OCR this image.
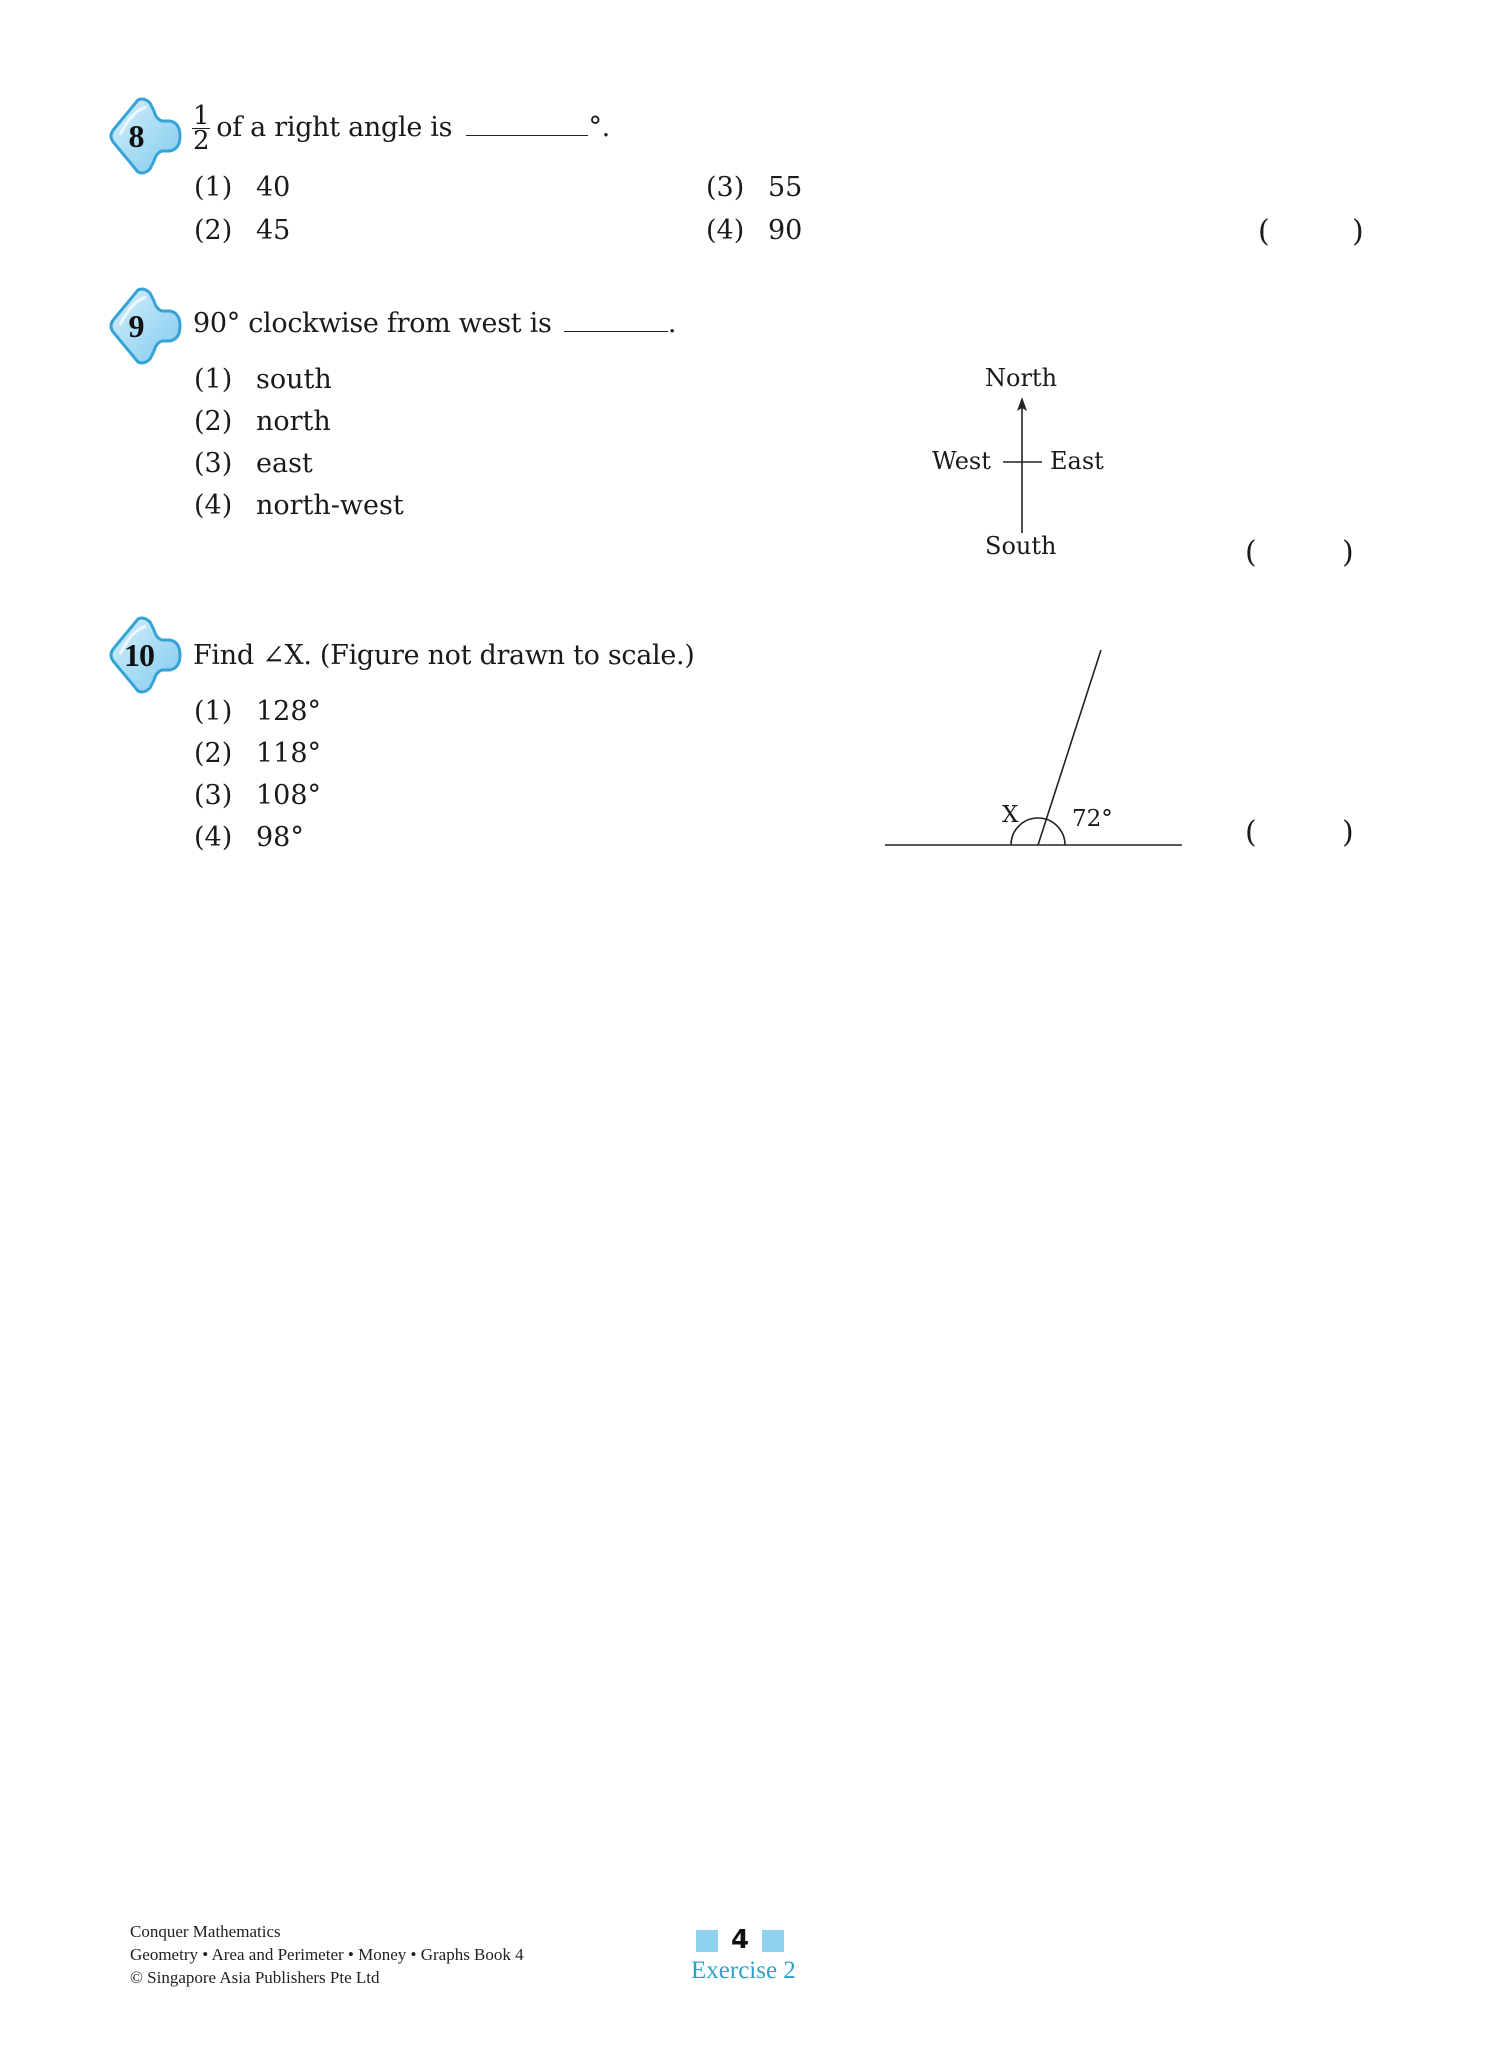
8	$\frac{1}{2}$ of a right angle is	°.
(1) 40
(2) 45
(3) 55
(4) 90	(	)
9	90° clockwise from west is	.
(1) south
(2) north
(3) east
(4) north-west
North
West East
South	(	)
10	Find ∠X. (Figure not drawn to scale.)
(1) 128°
(2) 118°
(3) 108°
(4) 98°
X 72°	(	)
Conquer Mathematics
Geometry • Area and Perimeter • Money • Graphs Book 4
© Singapore Asia Publishers Pte Ltd
4
Exercise 2
